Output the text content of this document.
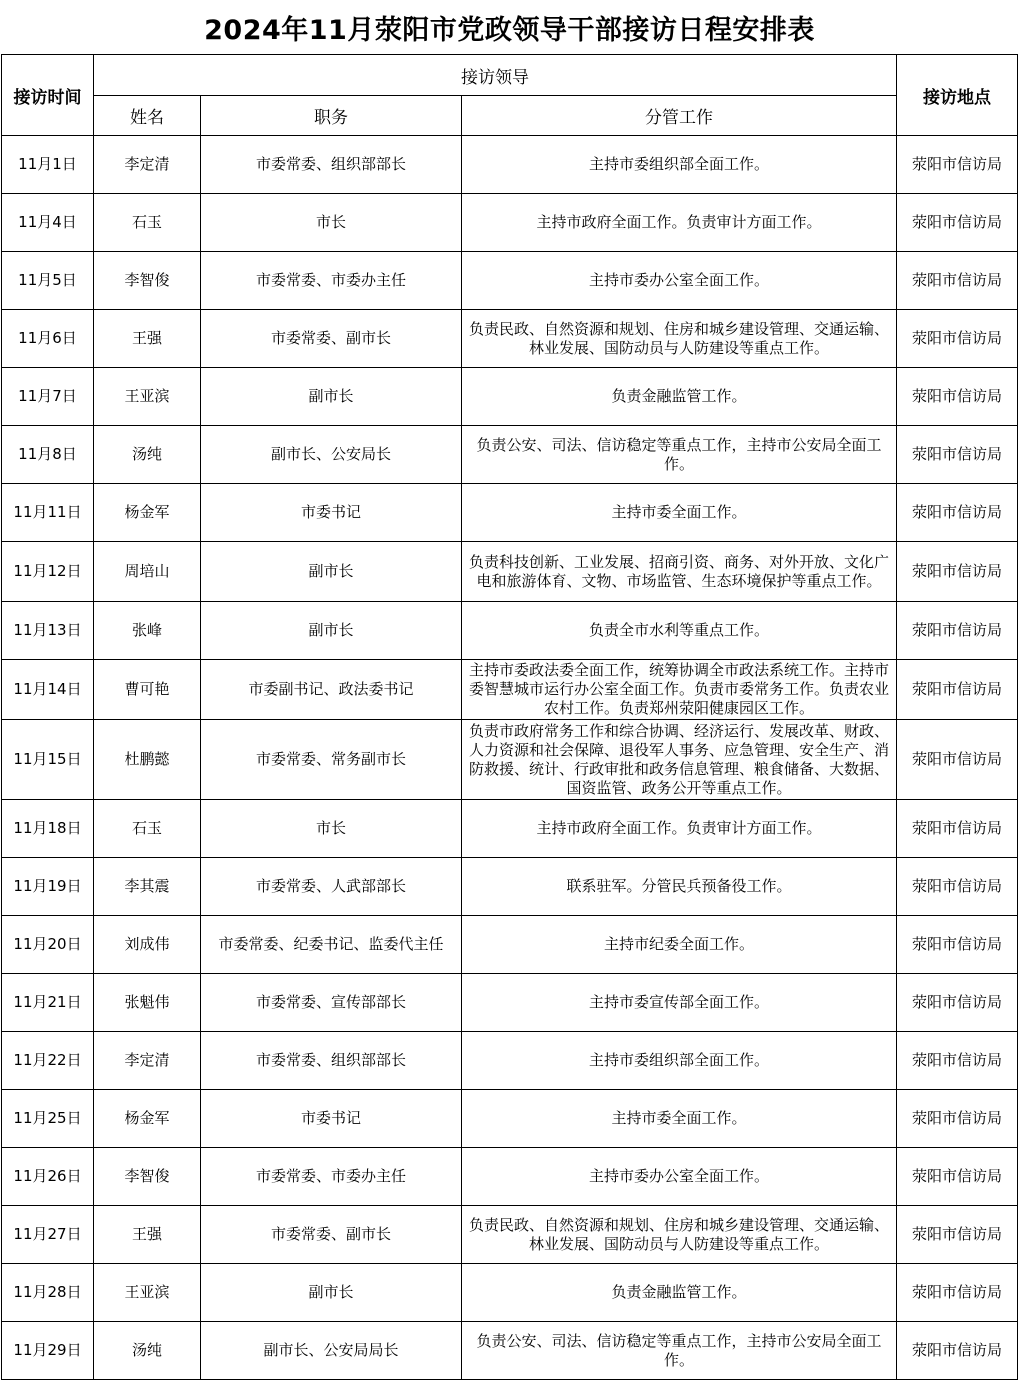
2024年11月荥阳市党政领导干部接访日程安排表
接访时间	接访领导			接访地点
	姓名	职务	分管工作	
11月1日	李定清	市委常委、组织部部长	主持市委组织部全面工作。	荥阳市信访局
11月4日	石玉	市长	主持市政府全面工作。负责审计方面工作。	荥阳市信访局
11月5日	李智俊	市委常委、市委办主任	主持市委办公室全面工作。	荥阳市信访局
11月6日	王强	市委常委、副市长	负责民政、自然资源和规划、住房和城乡建设管理、交通运输、林业发展、国防动员与人防建设等重点工作。	荥阳市信访局
11月7日	王亚滨	副市长	负责金融监管工作。	荥阳市信访局
11月8日	汤纯	副市长、公安局长	负责公安、司法、信访稳定等重点工作，主持市公安局全面工作。	荥阳市信访局
11月11日	杨金军	市委书记	主持市委全面工作。	荥阳市信访局
11月12日	周培山	副市长	负责科技创新、工业发展、招商引资、商务、对外开放、文化广电和旅游体育、文物、市场监管、生态环境保护等重点工作。	荥阳市信访局
11月13日	张峰	副市长	负责全市水利等重点工作。	荥阳市信访局
11月14日	曹可艳	市委副书记、政法委书记	主持市委政法委全面工作，统筹协调全市政法系统工作。主持市委智慧城市运行办公室全面工作。负责市委常务工作。负责农业农村工作。负责郑州荥阳健康园区工作。	荥阳市信访局
11月15日	杜鹏懿	市委常委、常务副市长	负责市政府常务工作和综合协调、经济运行、发展改革、财政、人力资源和社会保障、退役军人事务、应急管理、安全生产、消防救援、统计、行政审批和政务信息管理、粮食储备、大数据、国资监管、政务公开等重点工作。	荥阳市信访局
11月18日	石玉	市长	主持市政府全面工作。负责审计方面工作。	荥阳市信访局
11月19日	李其震	市委常委、人武部部长	联系驻军。分管民兵预备役工作。	荥阳市信访局
11月20日	刘成伟	市委常委、纪委书记、监委代主任	主持市纪委全面工作。	荥阳市信访局
11月21日	张魁伟	市委常委、宣传部部长	主持市委宣传部全面工作。	荥阳市信访局
11月22日	李定清	市委常委、组织部部长	主持市委组织部全面工作。	荥阳市信访局
11月25日	杨金军	市委书记	主持市委全面工作。	荥阳市信访局
11月26日	李智俊	市委常委、市委办主任	主持市委办公室全面工作。	荥阳市信访局
11月27日	王强	市委常委、副市长	负责民政、自然资源和规划、住房和城乡建设管理、交通运输、林业发展、国防动员与人防建设等重点工作。	荥阳市信访局
11月28日	王亚滨	副市长	负责金融监管工作。	荥阳市信访局
11月29日	汤纯	副市长、公安局局长	负责公安、司法、信访稳定等重点工作，主持市公安局全面工作。	荥阳市信访局
